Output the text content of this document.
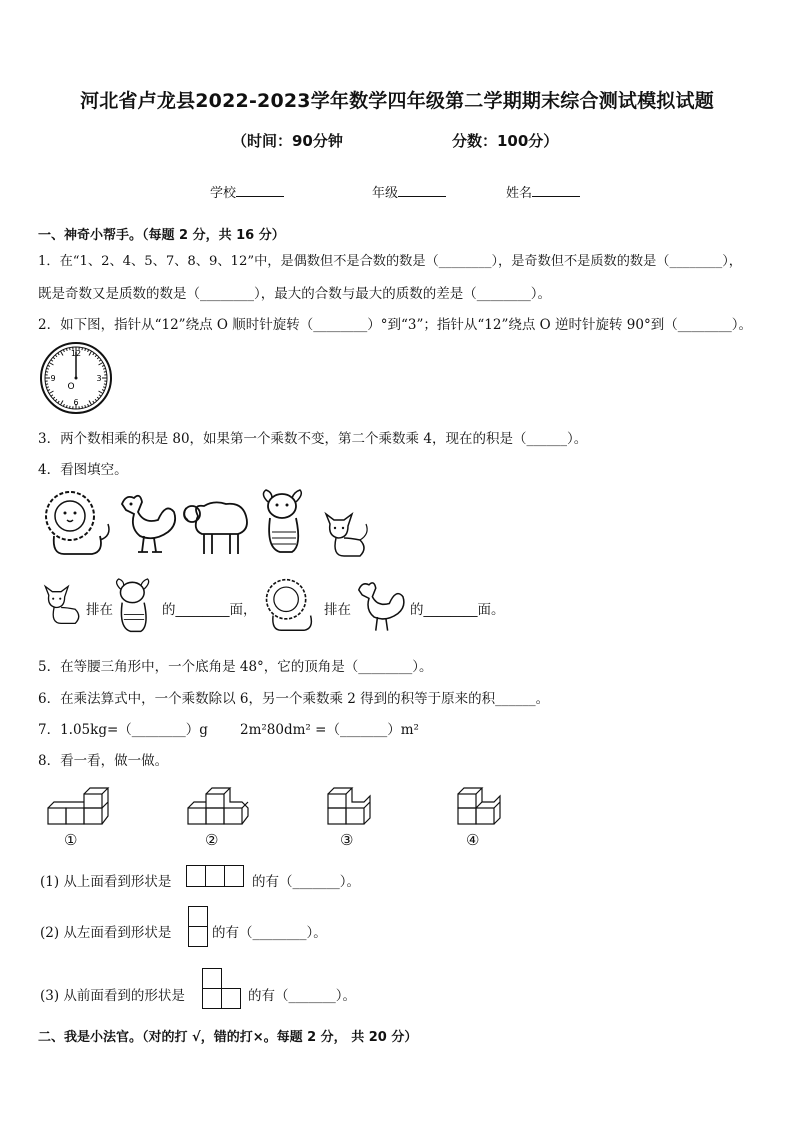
河北省卢龙县2022-2023学年数学四年级第二学期期末综合测试模拟试题
（时间：90分钟	分数：100分）
学校	年级	姓名
一、神奇小帮手。（每题 2 分，共 16 分）
1．在“1、2、4、5、7、8、9、12”中，是偶数但不是合数的数是（________），是奇数但不是质数的数是（________），
既是奇数又是质数的数是（________），最大的合数与最大的质数的差是（________）。
2．如下图，指针从“12”绕点 O 顺时针旋转（________）°到“3”；指针从“12”绕点 O 逆时针旋转 90°到（________）。
12
3
6
9
O
3．两个数相乘的积是 80，如果第一个乘数不变，第二个乘数乘 4，现在的积是（______）。
4．看图填空。
排在	的________面，	排在	的________面。
5．在等腰三角形中，一个底角是 48°，它的顶角是（________）。
6．在乘法算式中，一个乘数除以 6，另一个乘数乘 2 得到的积等于原来的积______。
7．1.05kg=（________）g 2m²80dm² =（_______）m²
8．看一看，做一做。
①	②	③	④
(1) 从上面看到形状是	的有（_______）。
(2) 从左面看到形状是	的有（________）。
(3) 从前面看到的形状是	的有（_______）。
二、我是小法官。（对的打 √，错的打×。每题 2 分， 共 20 分）
